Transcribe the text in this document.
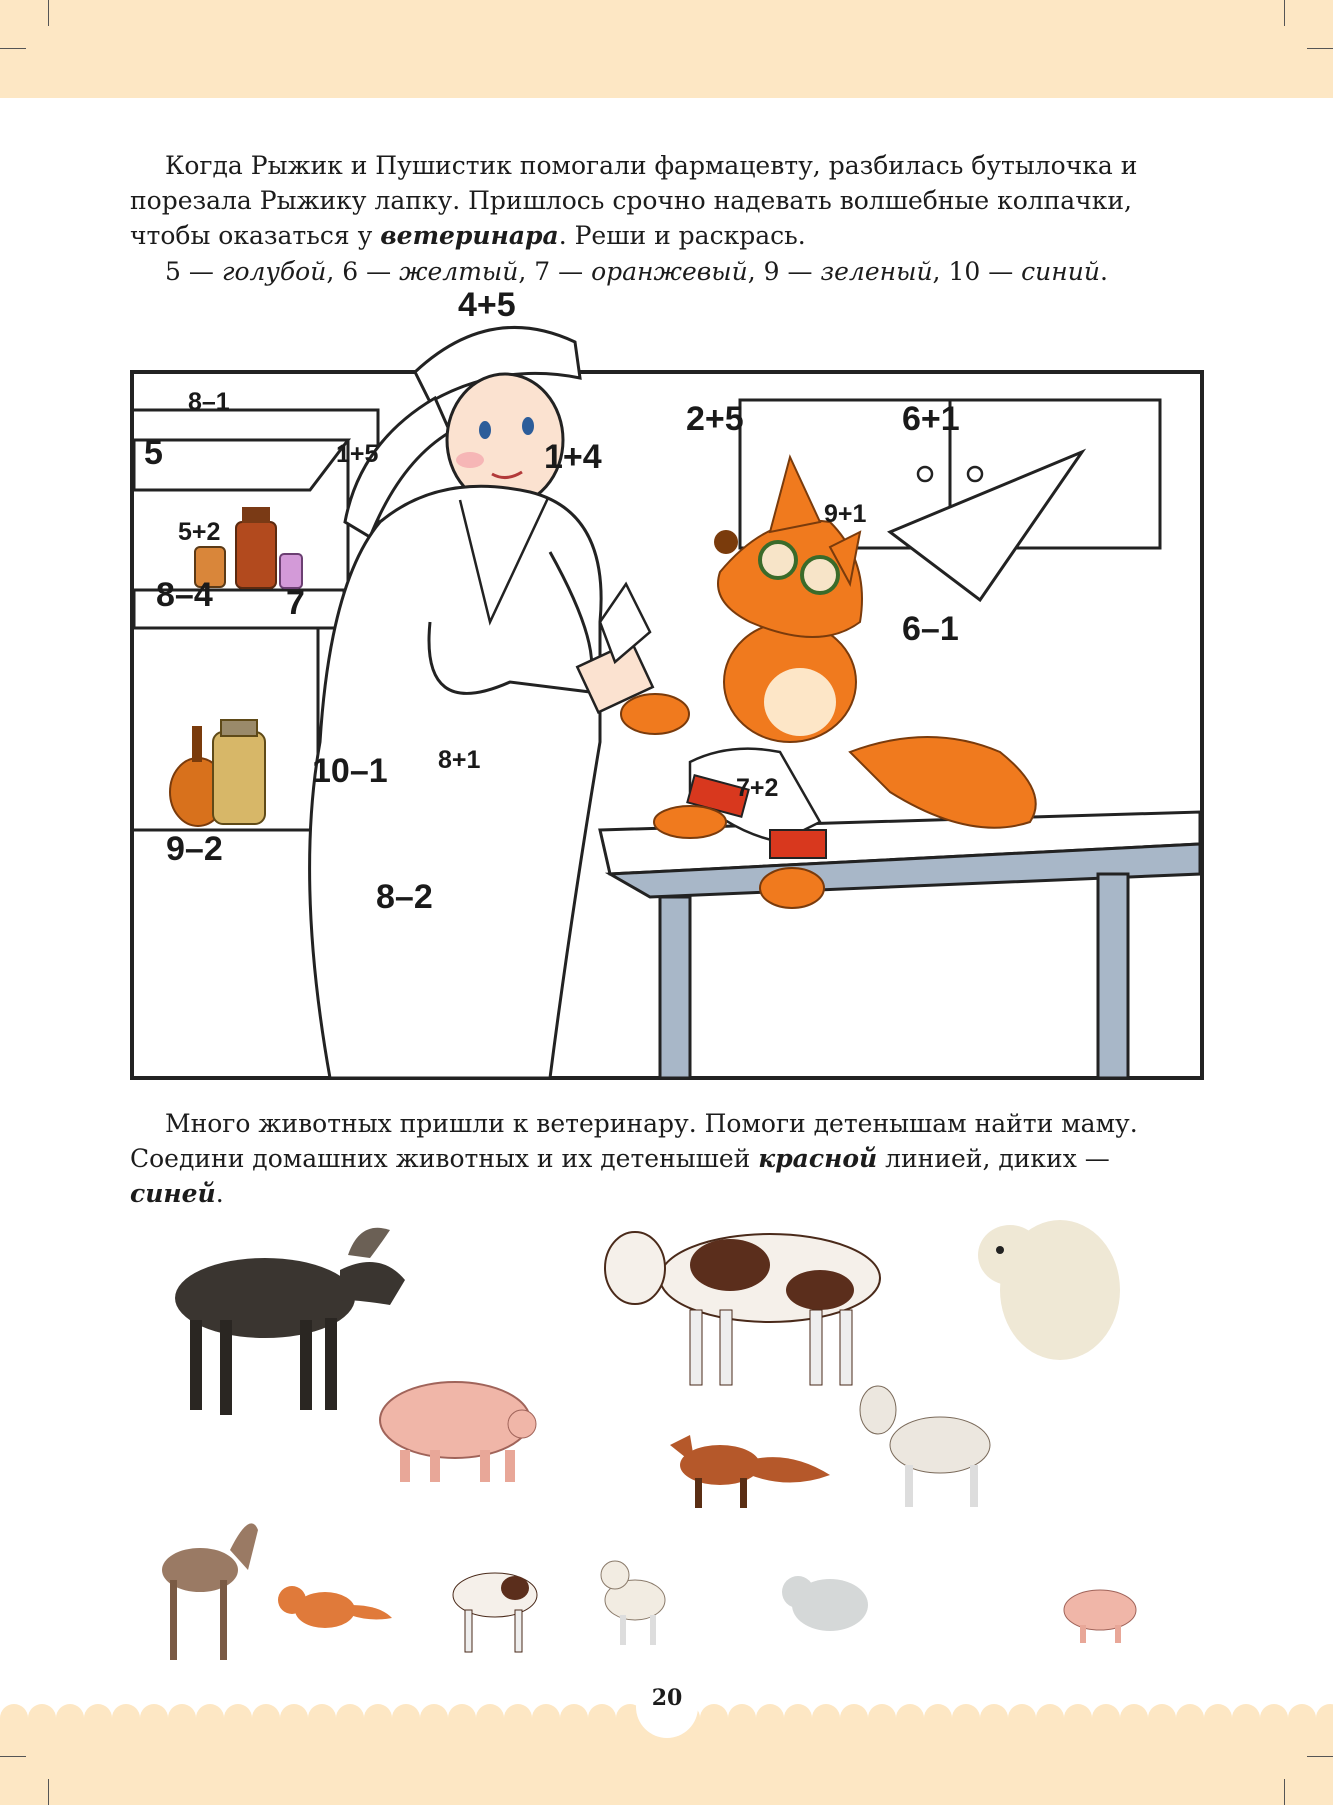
Когда Рыжик и Пушистик помогали фармацевту, разбилась бутылочка и

порезала Рыжику лапку. Пришлось срочно надевать волшебные колпачки,
чтобы оказаться у ветеринара. Реши и раскрась.
5 — голубой, 6 — желтый, 7 — оранжевый, 9 — зеленый, 10 — синий.
4+5
8–1
5	1+5	1+4
2+5	6+1
9+1
5+2
8–4 7
6–1
10–1 8+1
7+2
9–2
8–2

Много животных пришли к ветеринару. Помоги детенышам найти маму.

Соедини домашних животных и их детенышей красной линией, диких —
синей.
20
